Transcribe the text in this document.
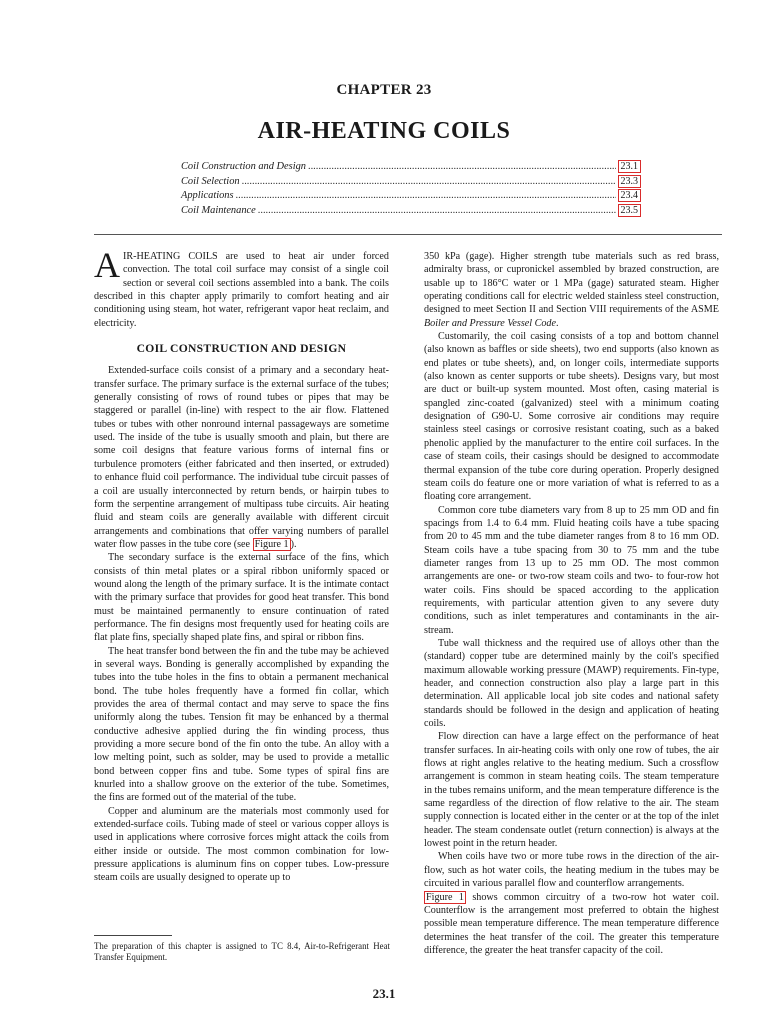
CHAPTER 23
AIR-HEATING COILS
Coil Construction and Design .....	23.1
Coil Selection .....	23.3
Applications .....	23.4
Coil Maintenance .....	23.5

AIR-HEATING COILS are used to heat air under forced convection. The total coil surface may consist of a single coil section or several coil sections assembled into a bank. The coils described in this chapter apply primarily to comfort heating and air conditioning using steam, hot water, refrigerant vapor heat reclaim, and electricity.

COIL CONSTRUCTION AND DESIGN

Extended-surface coils consist of a primary and a secondary heat-transfer surface. The primary surface is the external surface of the tubes; generally consisting of rows of round tubes or pipes that may be staggered or parallel (in-line) with respect to the air flow. Flattened tubes or tubes with other nonround internal passageways are sometime used. The inside of the tube is usually smooth and plain, but there are some coil designs that feature various forms of internal fins or turbulence promoters (either fabricated and then inserted, or extruded) to enhance fluid coil performance. The individual tube circuit passes of a coil are usually interconnected by return bends, or hairpin tubes to form the serpentine arrangement of multipass tube circuits. Air heating fluid and steam coils are generally available with different circuit arrangements and combinations that offer varying numbers of parallel water flow passes in the tube core (see Figure 1 ).

The secondary surface is the external surface of the fins, which consists of thin metal plates or a spiral ribbon uniformly spaced or wound along the length of the primary surface. It is the intimate contact with the primary surface that provides for good heat transfer. This bond must be maintained permanently to ensure continuation of rated performance. The fin designs most frequently used for heating coils are flat plate fins, specially shaped plate fins, and spiral or ribbon fins.

The heat transfer bond between the fin and the tube may be achieved in several ways. Bonding is generally accomplished by expanding the tubes into the tube holes in the fins to obtain a permanent mechanical bond. The tube holes frequently have a formed fin collar, which provides the area of thermal contact and may serve to space the fins uniformly along the tubes. Tension fit may be enhanced by a thermal conductive adhesive applied during the fin winding process, thus providing a more secure bond of the fin onto the tube. An alloy with a low melting point, such as solder, may be used to provide a metallic bond between copper fins and tube. Some types of spiral fins are knurled into a shallow groove on the exterior of the tube. Sometimes, the fins are formed out of the material of the tube.

Copper and aluminum are the materials most commonly used for extended-surface coils. Tubing made of steel or various copper alloys is used in applications where corrosive forces might attack the coils from either inside or outside. The most common combination for low-pressure applications is aluminum fins on copper tubes. Low-pressure steam coils are usually designed to operate up to

350 kPa (gage). Higher strength tube materials such as red brass, admiralty brass, or cupronickel assembled by brazed construction, are usable up to 186°C water or 1 MPa (gage) saturated steam. Higher operating conditions call for electric welded stainless steel construction, designed to meet Section II and Section VIII requirements of the ASME Boiler and Pressure Vessel Code.

Customarily, the coil casing consists of a top and bottom channel (also known as baffles or side sheets), two end supports (also known as end plates or tube sheets), and, on longer coils, intermediate supports (also known as center supports or tube sheets). Designs vary, but most are duct or built-up system mounted. Most often, casing material is spangled zinc-coated (galvanized) steel with a minimum coating designation of G90-U. Some corrosive air conditions may require stainless steel casings or corrosive resistant coating, such as a baked phenolic applied by the manufacturer to the entire coil surfaces. In the case of steam coils, their casings should be designed to accommodate thermal expansion of the tube core during operation. Properly designed steam coils do feature one or more variation of what is referred to as a floating core arrangement.

Common core tube diameters vary from 8 up to 25 mm OD and fin spacings from 1.4 to 6.4 mm. Fluid heating coils have a tube spacing from 20 to 45 mm and the tube diameter ranges from 8 to 16 mm OD. Steam coils have a tube spacing from 30 to 75 mm and the tube diameter ranges from 13 up to 25 mm OD. The most common arrangements are one- or two-row steam coils and two- to four-row hot water coils. Fins should be spaced according to the application requirements, with particular attention given to any severe duty conditions, such as inlet temperatures and contaminants in the air-stream.

Tube wall thickness and the required use of alloys other than the (standard) copper tube are determined mainly by the coil's specified maximum allowable working pressure (MAWP) requirements. Fin-type, header, and connection construction also play a large part in this determination. All applicable local job site codes and national safety standards should be followed in the design and application of heating coils.

Flow direction can have a large effect on the performance of heat transfer surfaces. In air-heating coils with only one row of tubes, the air flows at right angles relative to the heating medium. Such a crossflow arrangement is common in steam heating coils. The steam temperature in the tubes remains uniform, and the mean temperature difference is the same regardless of the direction of flow relative to the air. The steam supply connection is located either in the center or at the top of the inlet header. The steam condensate outlet (return connection) is always at the lowest point in the return header.

When coils have two or more tube rows in the direction of the air-flow, such as hot water coils, the heating medium in the tubes may be circuited in various parallel flow and counterflow arrangements.

Figure 1 shows common circuitry of a two-row hot water coil. Counterflow is the arrangement most preferred to obtain the highest possible mean temperature difference. The mean temperature difference determines the heat transfer of the coil. The greater this temperature difference, the greater the heat transfer capacity of the coil.

The preparation of this chapter is assigned to TC 8.4, Air-to-Refrigerant Heat Transfer Equipment.
23.1
